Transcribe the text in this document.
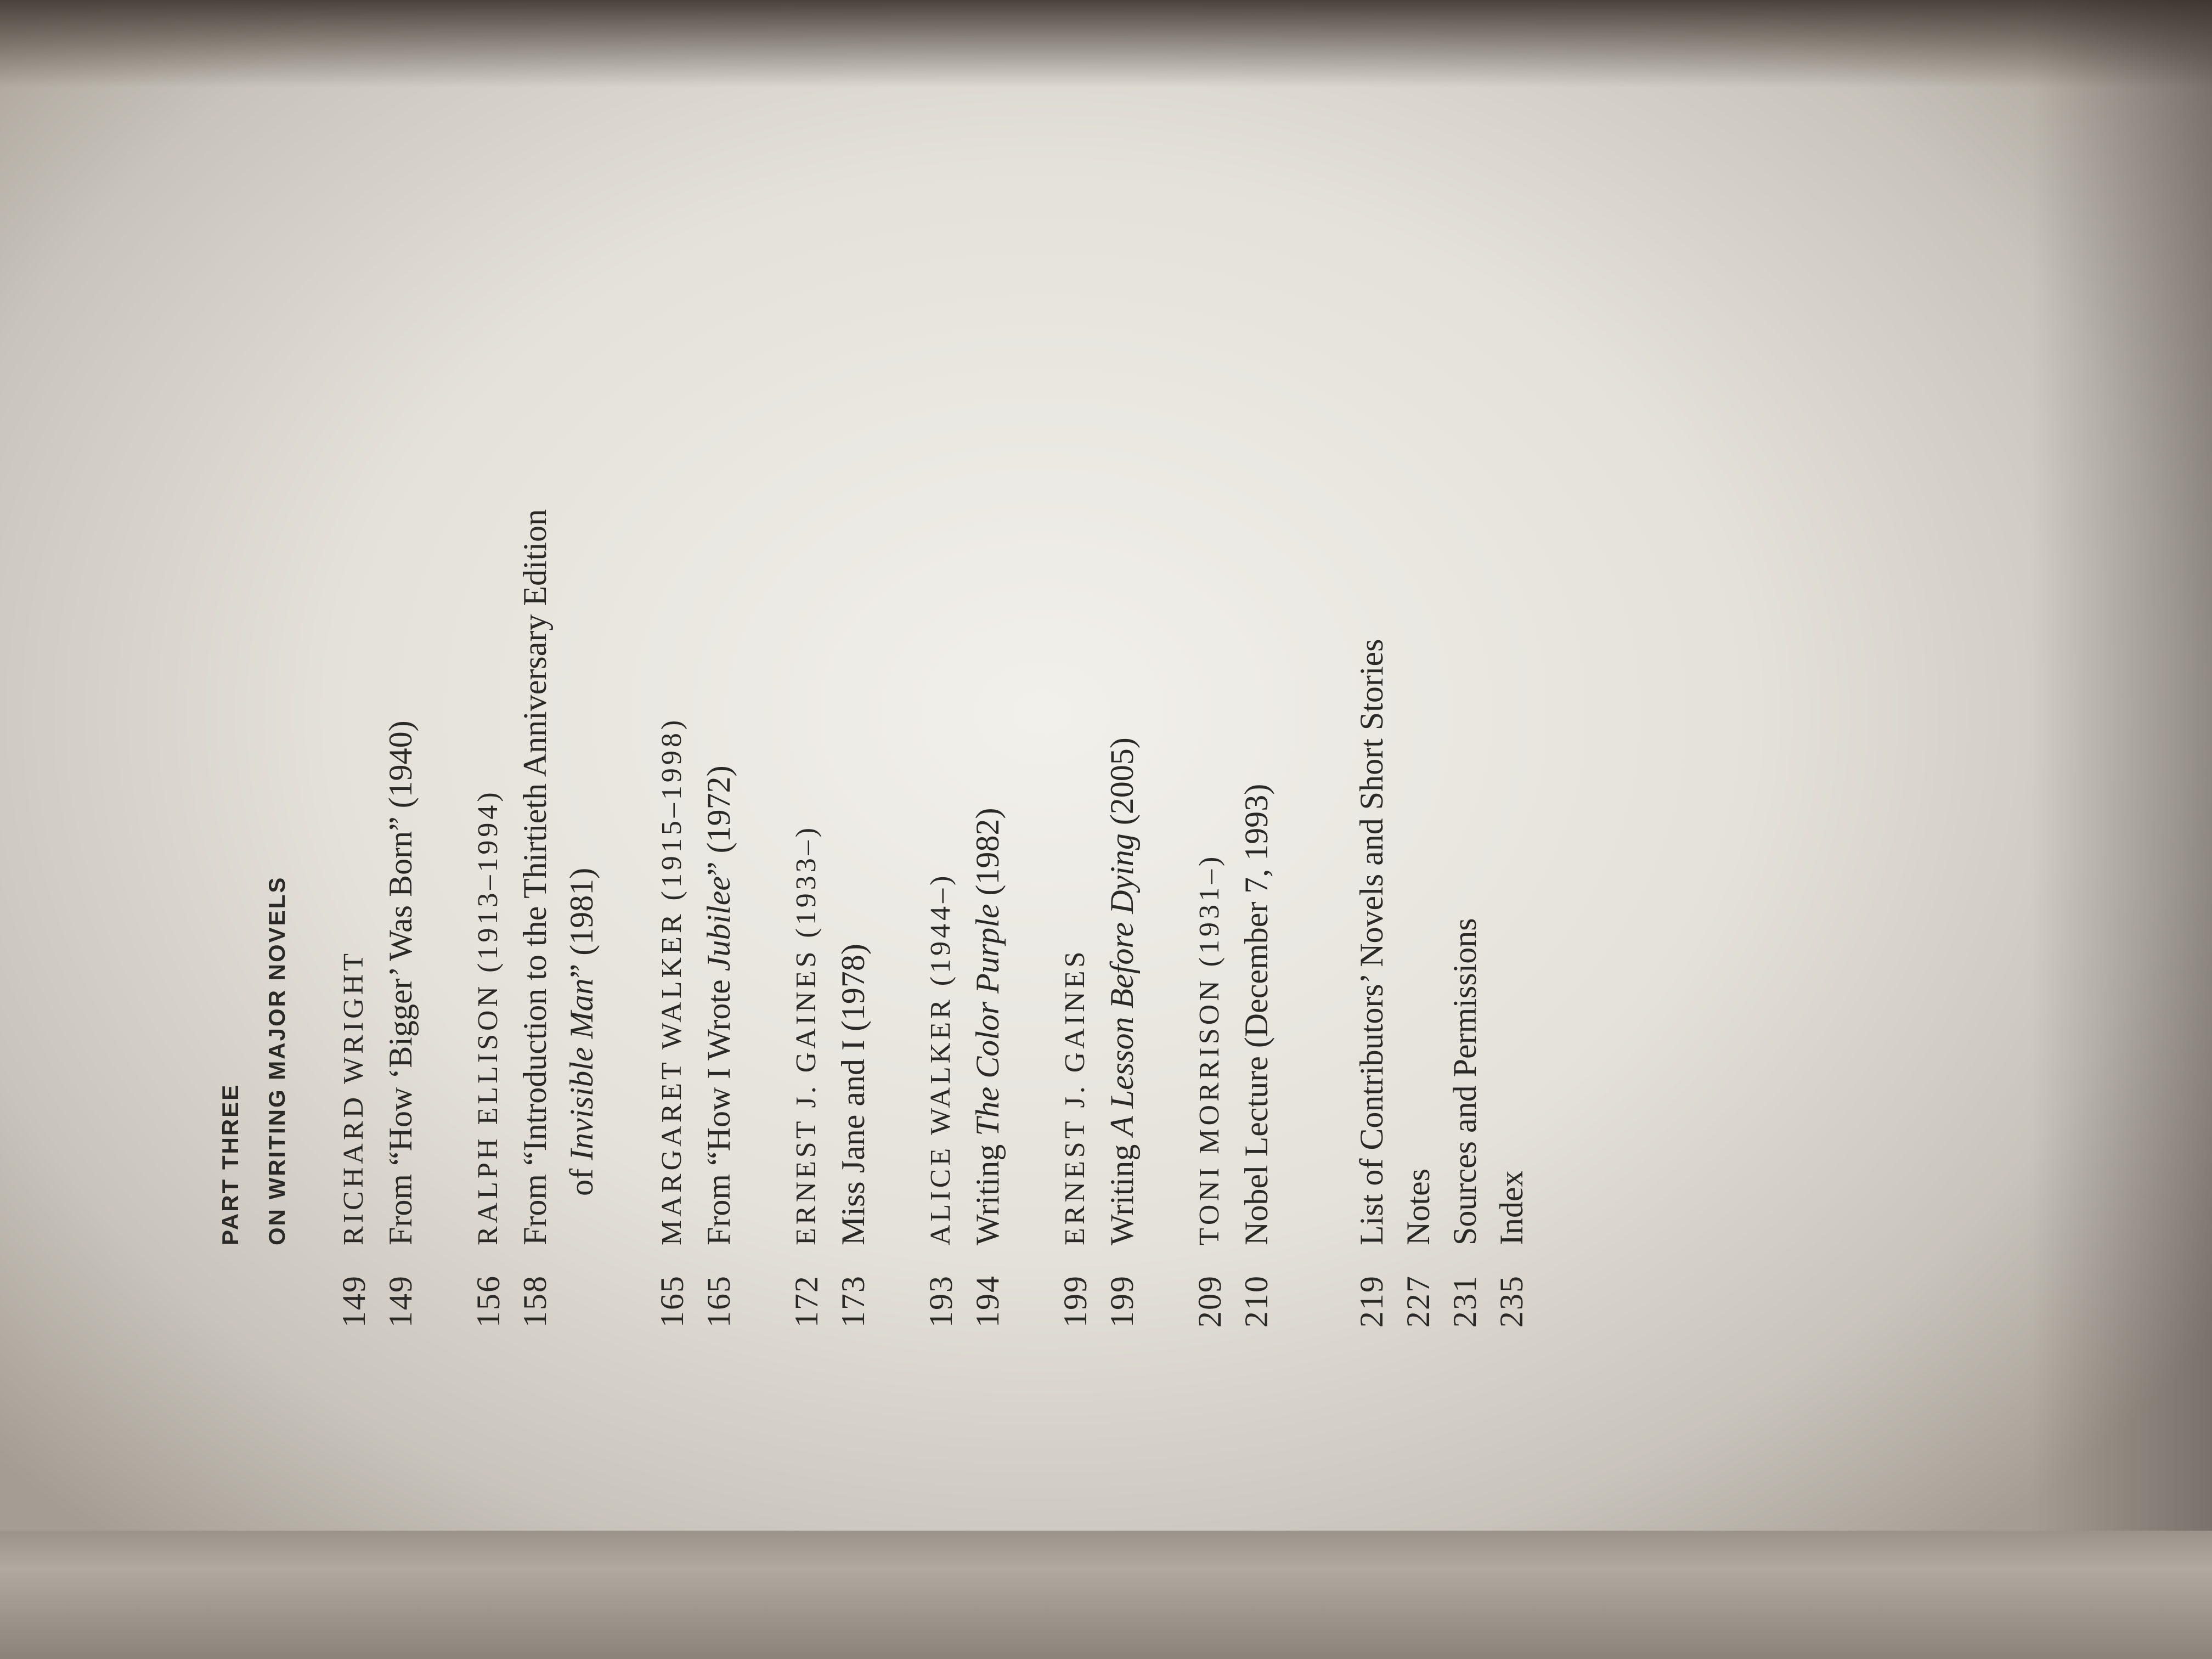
PART THREE ON WRITING MAJOR NOVELS
149
RICHARD WRIGHT
149
From “How ‘Bigger’ Was Born” (1940)
156
RALPH ELLISON (1913–1994)
158
From “Introduction to the Thirtieth Anniversary Edition of Invisible Man” (1981)
165
MARGARET WALKER (1915–1998)
165
From “How I Wrote Jubilee” (1972)
172
ERNEST J. GAINES (1933–)
173
Miss Jane and I (1978)
193
ALICE WALKER (1944–)
194
Writing The Color Purple (1982)
199
ERNEST J. GAINES
199
Writing A Lesson Before Dying (2005)
209
TONI MORRISON (1931–)
210
Nobel Lecture (December 7, 1993)
219
List of Contributors’ Novels and Short Stories
227
Notes
231
Sources and Permissions
235
Index
